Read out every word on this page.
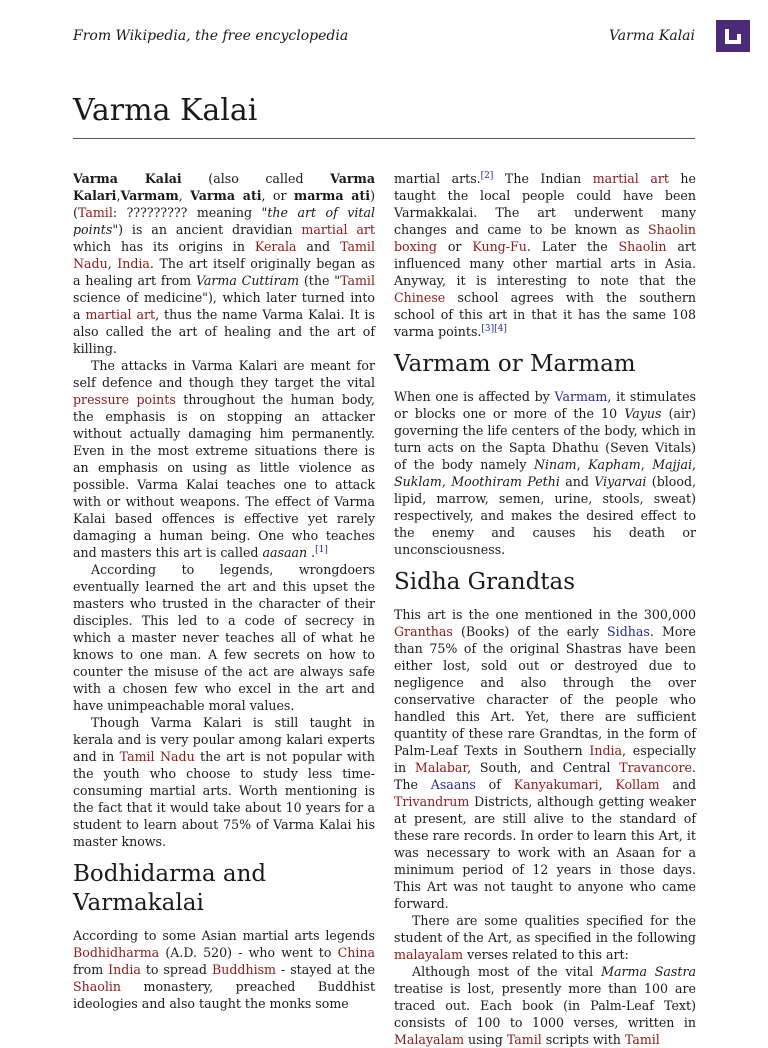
From Wikipedia, the free encyclopedia	Varma Kalai
Varma Kalai

Varma Kalai (also called Varma Kalari,Varmam, Varma ati, or marma ati) (Tamil: ????????? meaning "the art of vital points") is an ancient dravidian martial art which has its origins in Kerala and Tamil Nadu, India. The art itself originally began as a healing art from Varma Cuttiram (the "Tamil science of medicine"), which later turned into a martial art, thus the name Varma Kalai. It is also called the art of healing and the art of killing.

The attacks in Varma Kalari are meant for self defence and though they target the vital pressure points throughout the human body, the emphasis is on stopping an attacker without actually damaging him permanently. Even in the most extreme situations there is an emphasis on using as little violence as possible. Varma Kalai teaches one to attack with or without weapons. The effect of Varma Kalai based offences is effective yet rarely damaging a human being. One who teaches and masters this art is called aasaan .[1]

According to legends, wrongdoers eventually learned the art and this upset the masters who trusted in the character of their disciples. This led to a code of secrecy in which a master never teaches all of what he knows to one man. A few secrets on how to counter the misuse of the act are always safe with a chosen few who excel in the art and have unimpeachable moral values.

Though Varma Kalari is still taught in kerala and is very poular among kalari experts and in Tamil Nadu the art is not popular with the youth who choose to study less time-consuming martial arts. Worth mentioning is the fact that it would take about 10 years for a student to learn about 75% of Varma Kalai his master knows.

Bodhidarma and Varmakalai

According to some Asian martial arts legends Bodhidharma (A.D. 520) - who went to China from India to spread Buddhism - stayed at the Shaolin monastery, preached Buddhist ideologies and also taught the monks some

martial arts.[2] The Indian martial art he taught the local people could have been Varmakkalai. The art underwent many changes and came to be known as Shaolin boxing or Kung-Fu. Later the Shaolin art influenced many other martial arts in Asia. Anyway, it is interesting to note that the Chinese school agrees with the southern school of this art in that it has the same 108 varma points.[3][4]

Varmam or Marmam

When one is affected by Varmam, it stimulates or blocks one or more of the 10 Vayus (air) governing the life centers of the body, which in turn acts on the Sapta Dhathu (Seven Vitals) of the body namely Ninam, Kapham, Majjai, Suklam, Moothiram Pethi and Viyarvai (blood, lipid, marrow, semen, urine, stools, sweat) respectively, and makes the desired effect to the enemy and causes his death or unconsciousness.

Sidha Grandtas

This art is the one mentioned in the 300,000 Granthas (Books) of the early Sidhas. More than 75% of the original Shastras have been either lost, sold out or destroyed due to negligence and also through the over conservative character of the people who handled this Art. Yet, there are sufficient quantity of these rare Grandtas, in the form of Palm-Leaf Texts in Southern India, especially in Malabar, South, and Central Travancore. The Asaans of Kanyakumari, Kollam and Trivandrum Districts, although getting weaker at present, are still alive to the standard of these rare records. In order to learn this Art, it was necessary to work with an Asaan for a minimum period of 12 years in those days. This Art was not taught to anyone who came forward.

There are some qualities specified for the student of the Art, as specified in the following malayalam verses related to this art:

Although most of the vital Marma Sastra treatise is lost, presently more than 100 are traced out. Each book (in Palm-Leaf Text) consists of 100 to 1000 verses, written in Malayalam using Tamil scripts with Tamil
